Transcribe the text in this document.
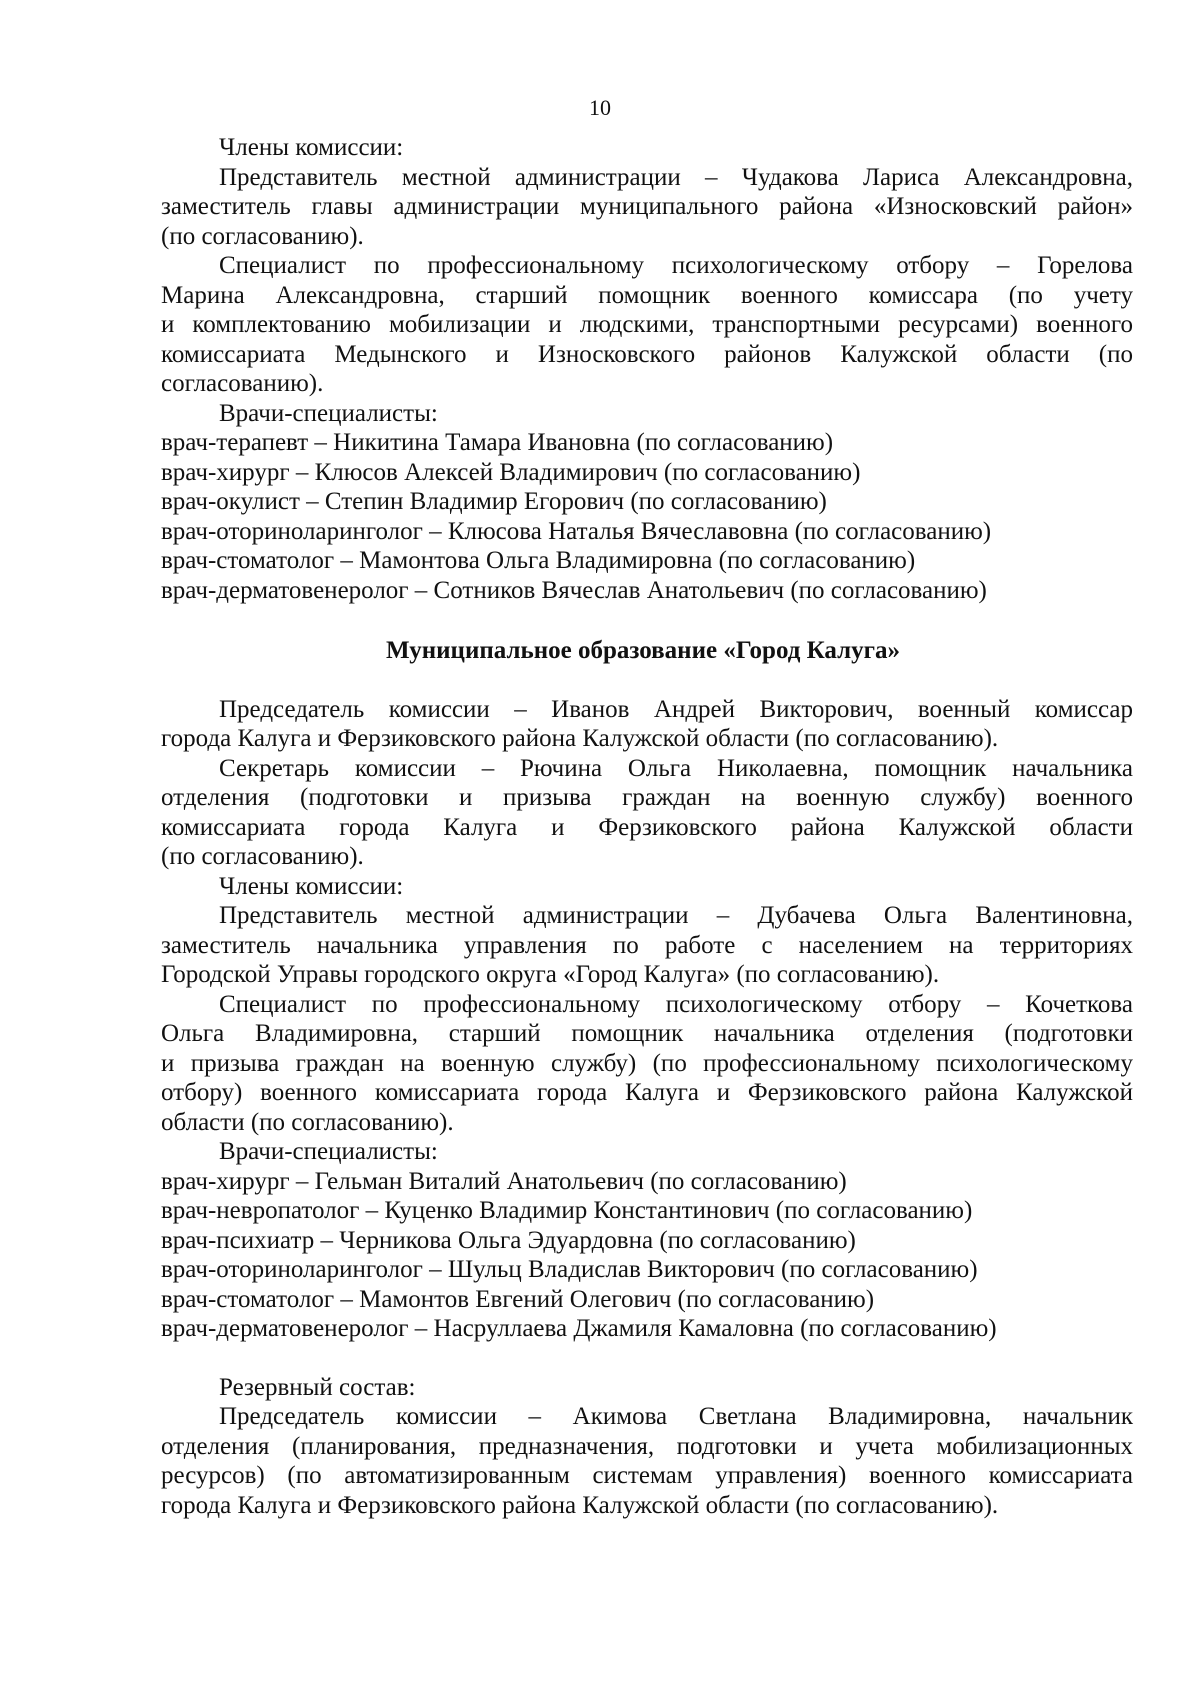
10
Члены комиссии:
Представитель местной администрации – Чудакова Лариса Александровна,
заместитель главы администрации муниципального района «Износковский район»
(по согласованию).
Специалист по профессиональному психологическому отбору – Горелова
Марина Александровна, старший помощник военного комиссара (по учету
и комплектованию мобилизации и людскими, транспортными ресурсами) военного
комиссариата Медынского и Износковского районов Калужской области (по
согласованию).
Врачи-специалисты:
врач-терапевт – Никитина Тамара Ивановна (по согласованию)
врач-хирург – Клюсов Алексей Владимирович (по согласованию)
врач-окулист – Степин Владимир Егорович (по согласованию)
врач-оториноларинголог – Клюсова Наталья Вячеславовна (по согласованию)
врач-стоматолог – Мамонтова Ольга Владимировна (по согласованию)
врач-дерматовенеролог – Сотников Вячеслав Анатольевич (по согласованию)
Муниципальное образование «Город Калуга»
Председатель комиссии – Иванов Андрей Викторович, военный комиссар
города Калуга и Ферзиковского района Калужской области (по согласованию).
Секретарь комиссии – Рючина Ольга Николаевна, помощник начальника
отделения (подготовки и призыва граждан на военную службу) военного
комиссариата города Калуга и Ферзиковского района Калужской области
(по согласованию).
Члены комиссии:
Представитель местной администрации – Дубачева Ольга Валентиновна,
заместитель начальника управления по работе с населением на территориях
Городской Управы городского округа «Город Калуга» (по согласованию).
Специалист по профессиональному психологическому отбору – Кочеткова
Ольга Владимировна, старший помощник начальника отделения (подготовки
и призыва граждан на военную службу) (по профессиональному психологическому
отбору) военного комиссариата города Калуга и Ферзиковского района Калужской
области (по согласованию).
Врачи-специалисты:
врач-хирург – Гельман Виталий Анатольевич (по согласованию)
врач-невропатолог – Куценко Владимир Константинович (по согласованию)
врач-психиатр – Черникова Ольга Эдуардовна (по согласованию)
врач-оториноларинголог – Шульц Владислав Викторович (по согласованию)
врач-стоматолог – Мамонтов Евгений Олегович (по согласованию)
врач-дерматовенеролог – Насруллаева Джамиля Камаловна (по согласованию)
Резервный состав:
Председатель комиссии – Акимова Светлана Владимировна, начальник
отделения (планирования, предназначения, подготовки и учета мобилизационных
ресурсов) (по автоматизированным системам управления) военного комиссариата
города Калуга и Ферзиковского района Калужской области (по согласованию).
